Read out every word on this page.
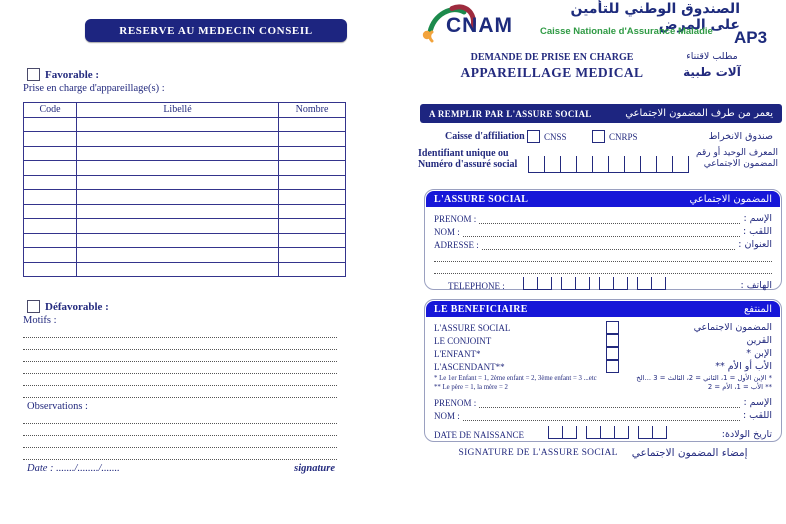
RESERVE AU MEDECIN CONSEIL
Favorable :
Prise en charge d'appareillage(s) :
Code	Libellé	Nombre

Défavorable :
Motifs :
Observations :
Date : ......./......../.......	signature
CNAM
الصندوق الوطني للتأمين على المرض
Caisse Nationale d'Assurance Maladie	AP3
DEMANDE DE PRISE EN CHARGE	مطلب لاقتناء
APPAREILLAGE MEDICAL	آلات طبية
A REMPLIR PAR L'ASSURE SOCIAL	يعمر من طرف المضمون الاجتماعي
Caisse d'affiliation CNSS	CNRPS	صندوق الانخراط
Identifiant unique ou
Numéro d'assuré social
المعرف الوحيد أو رقم
المضمون الاجتماعي
L'ASSURE SOCIAL	المضمون الاجتماعي
PRENOM :	الإسم :
NOM :	اللقب :
ADRESSE :	العنوان :
TELEPHONE :	الهاتف :
LE BENEFICIAIRE	المنتفع
L'ASSURE SOCIAL	المضمون الاجتماعي
LE CONJOINT	القرين
L'ENFANT*	الإبن *
L'ASCENDANT**	الأب أو الأم **
* Le 1er Enfant = 1, 2ème enfant = 2, 3ème enfant = 3 ...etc
** Le père = 1, la mère = 2
* الإبن الأول = 1، الثاني = 2، الثالث = 3 ...الخ
** الأب = 1، الأم = 2
PRENOM :	الإسم :
NOM :	اللقب :
DATE DE NAISSANCE	تاريخ الولادة:
SIGNATURE DE L'ASSURE SOCIAL إمضاء المضمون الاجتماعي
